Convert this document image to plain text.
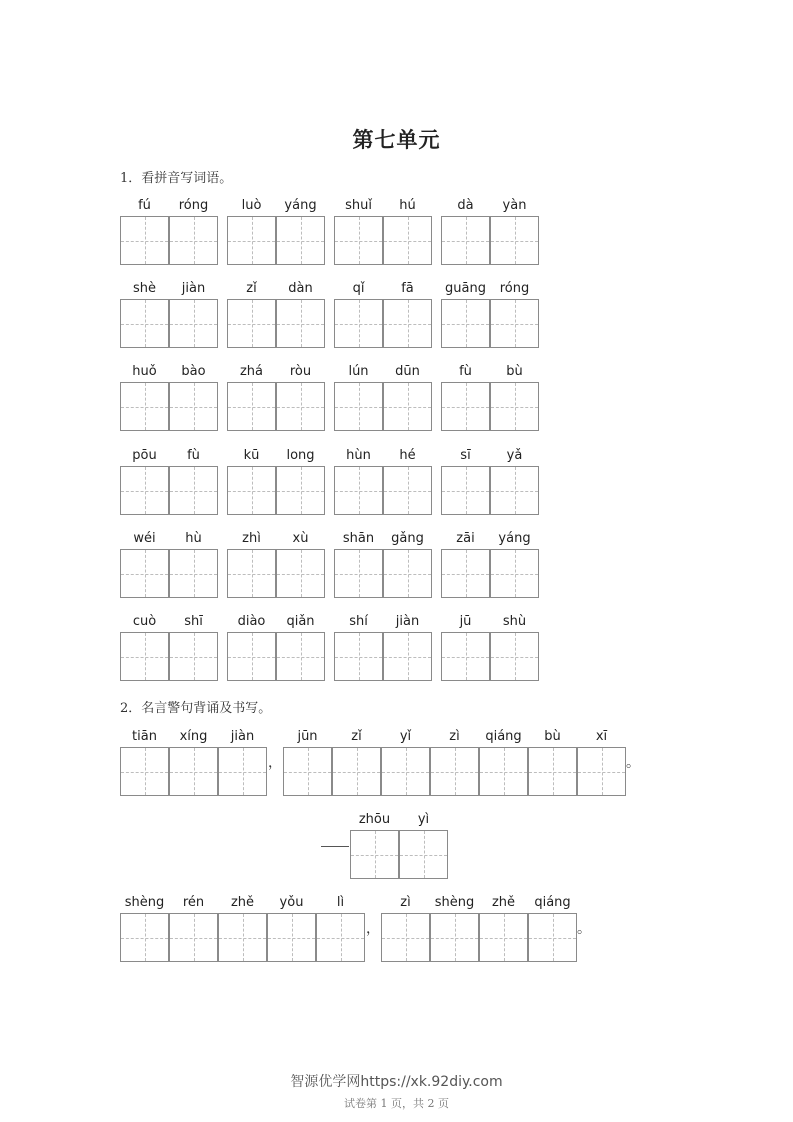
第七单元
1．看拼音写词语。
fú	róng	luò	yáng	shuǐ	hú	dà	yàn
shè	jiàn	zǐ	dàn	qǐ	fā	guāng	róng
huǒ	bào	zhá	ròu	lún	dūn	fù	bù
pōu	fù	kū	long	hùn	hé	sī	yǎ
wéi	hù	zhì	xù	shān	gǎng	zāi	yáng
cuò	shī	diào	qiǎn	shí	jiàn	jū	shù
2．名言警句背诵及书写。
tiān	xíng	jiàn
，
jūn	zǐ	yǐ	zì	qiáng	bù	xī
。
zhōu	yì
shèng	rén	zhě	yǒu	lì
，
zì	shèng	zhě	qiáng
。
智源优学网https://xk.92diy.com
试卷第 1 页，共 2 页
